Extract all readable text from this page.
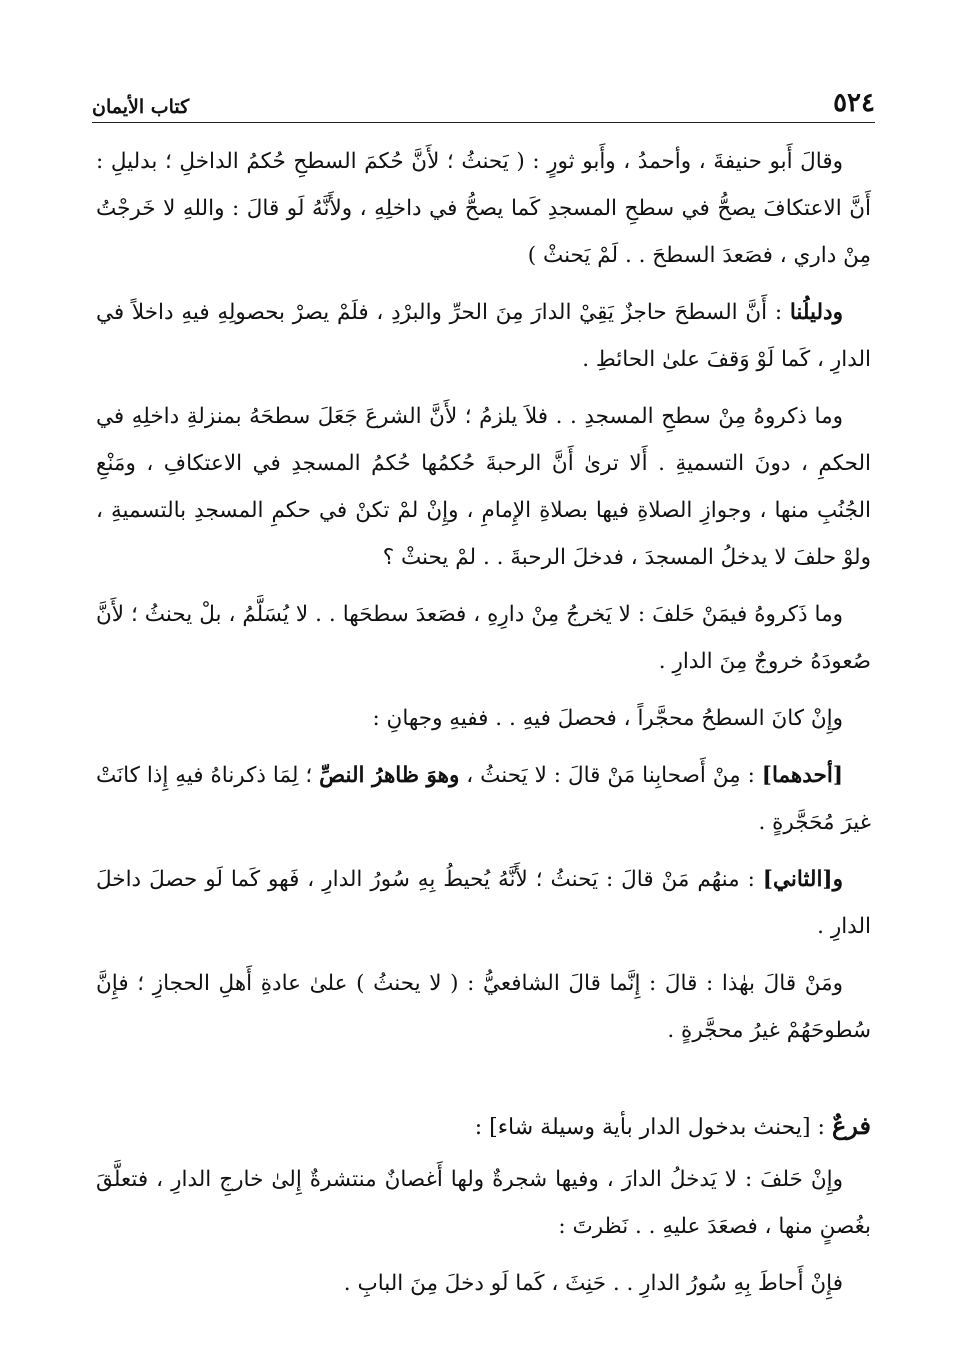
٥٢٤
كتاب الأيمان

وقالَ أَبو حنيفةَ ، وأحمدُ ، وأَبو ثورٍ : ( يَحنثُ ؛ لأَنَّ حُكمَ السطحِ حُكمُ الداخلِ ؛ بدليلِ : أَنَّ الاعتكافَ يصحُّ في سطحِ المسجدِ كَما يصحُّ في داخلِهِ ، ولأَنَّهُ لَو قالَ : واللهِ لا خَرجْتُ مِنْ داري ، فصَعدَ السطحَ . . لَمْ يَحنثْ )

ودليلُنا : أَنَّ السطحَ حاجزٌ يَقِيْ الدارَ مِنَ الحرِّ والبرْدِ ، فلَمْ يصرْ بحصولِهِ فيهِ داخلاً في الدارِ ، كَما لَوْ وَقفَ علىٰ الحائطِ .

وما ذكروهُ مِنْ سطحِ المسجدِ . . فلاَ يلزمُ ؛ لأَنَّ الشرعَ جَعَلَ سطحَهُ بمنزلةِ داخلِهِ في الحكمِ ، دونَ التسميةِ . أَلا ترىٰ أَنَّ الرحبةَ حُكمُها حُكمُ المسجدِ في الاعتكافِ ، ومَنْعِ الجُنُبِ منها ، وجوازِ الصلاةِ فيها بصلاةِ الإِمامِ ، وإِنْ لمْ تكنْ في حكمِ المسجدِ بالتسميةِ ، ولوْ حلفَ لا يدخلُ المسجدَ ، فدخلَ الرحبةَ . . لمْ يحنثْ ؟

وما ذَكروهُ فيمَنْ حَلفَ : لا يَخرجُ مِنْ دارِهِ ، فصَعدَ سطحَها . . لا يُسَلَّمُ ، بلْ يحنثُ ؛ لأَنَّ صُعودَهُ خروجٌ مِنَ الدارِ .

وإِنْ كانَ السطحُ محجَّراً ، فحصلَ فيهِ . . ففيهِ وجهانِ :

[أحدهما] : مِنْ أَصحابِنا مَنْ قالَ : لا يَحنثُ ، وهوَ ظاهرُ النصِّ ؛ لِمَا ذكرناهُ فيهِ إِذا كانَتْ غيرَ مُحَجَّرةٍ .

و[الثاني] : منهُم مَنْ قالَ : يَحنثُ ؛ لأَنَّهُ يُحيطُ بِهِ سُورُ الدارِ ، فَهو كَما لَو حصلَ داخلَ الدارِ .

ومَنْ قالَ بهٰذا : قالَ : إِنَّما قالَ الشافعيُّ : ( لا يحنثُ ) علىٰ عادةِ أَهلِ الحجازِ ؛ فإِنَّ سُطوحَهُمْ غيرُ محجَّرةٍ .

فرعٌ : [يحنث بدخول الدار بأية وسيلة شاء] :

وإِنْ حَلفَ : لا يَدخلُ الدارَ ، وفيها شجرةٌ ولها أَغصانٌ منتشرةٌ إِلىٰ خارجِ الدارِ ، فتعلَّقَ بغُصنٍ منها ، فصعَدَ عليهِ . . نَظرتَ :

فإِنْ أَحاطَ بِهِ سُورُ الدارِ . . حَنِثَ ، كَما لَو دخلَ مِنَ البابِ .
